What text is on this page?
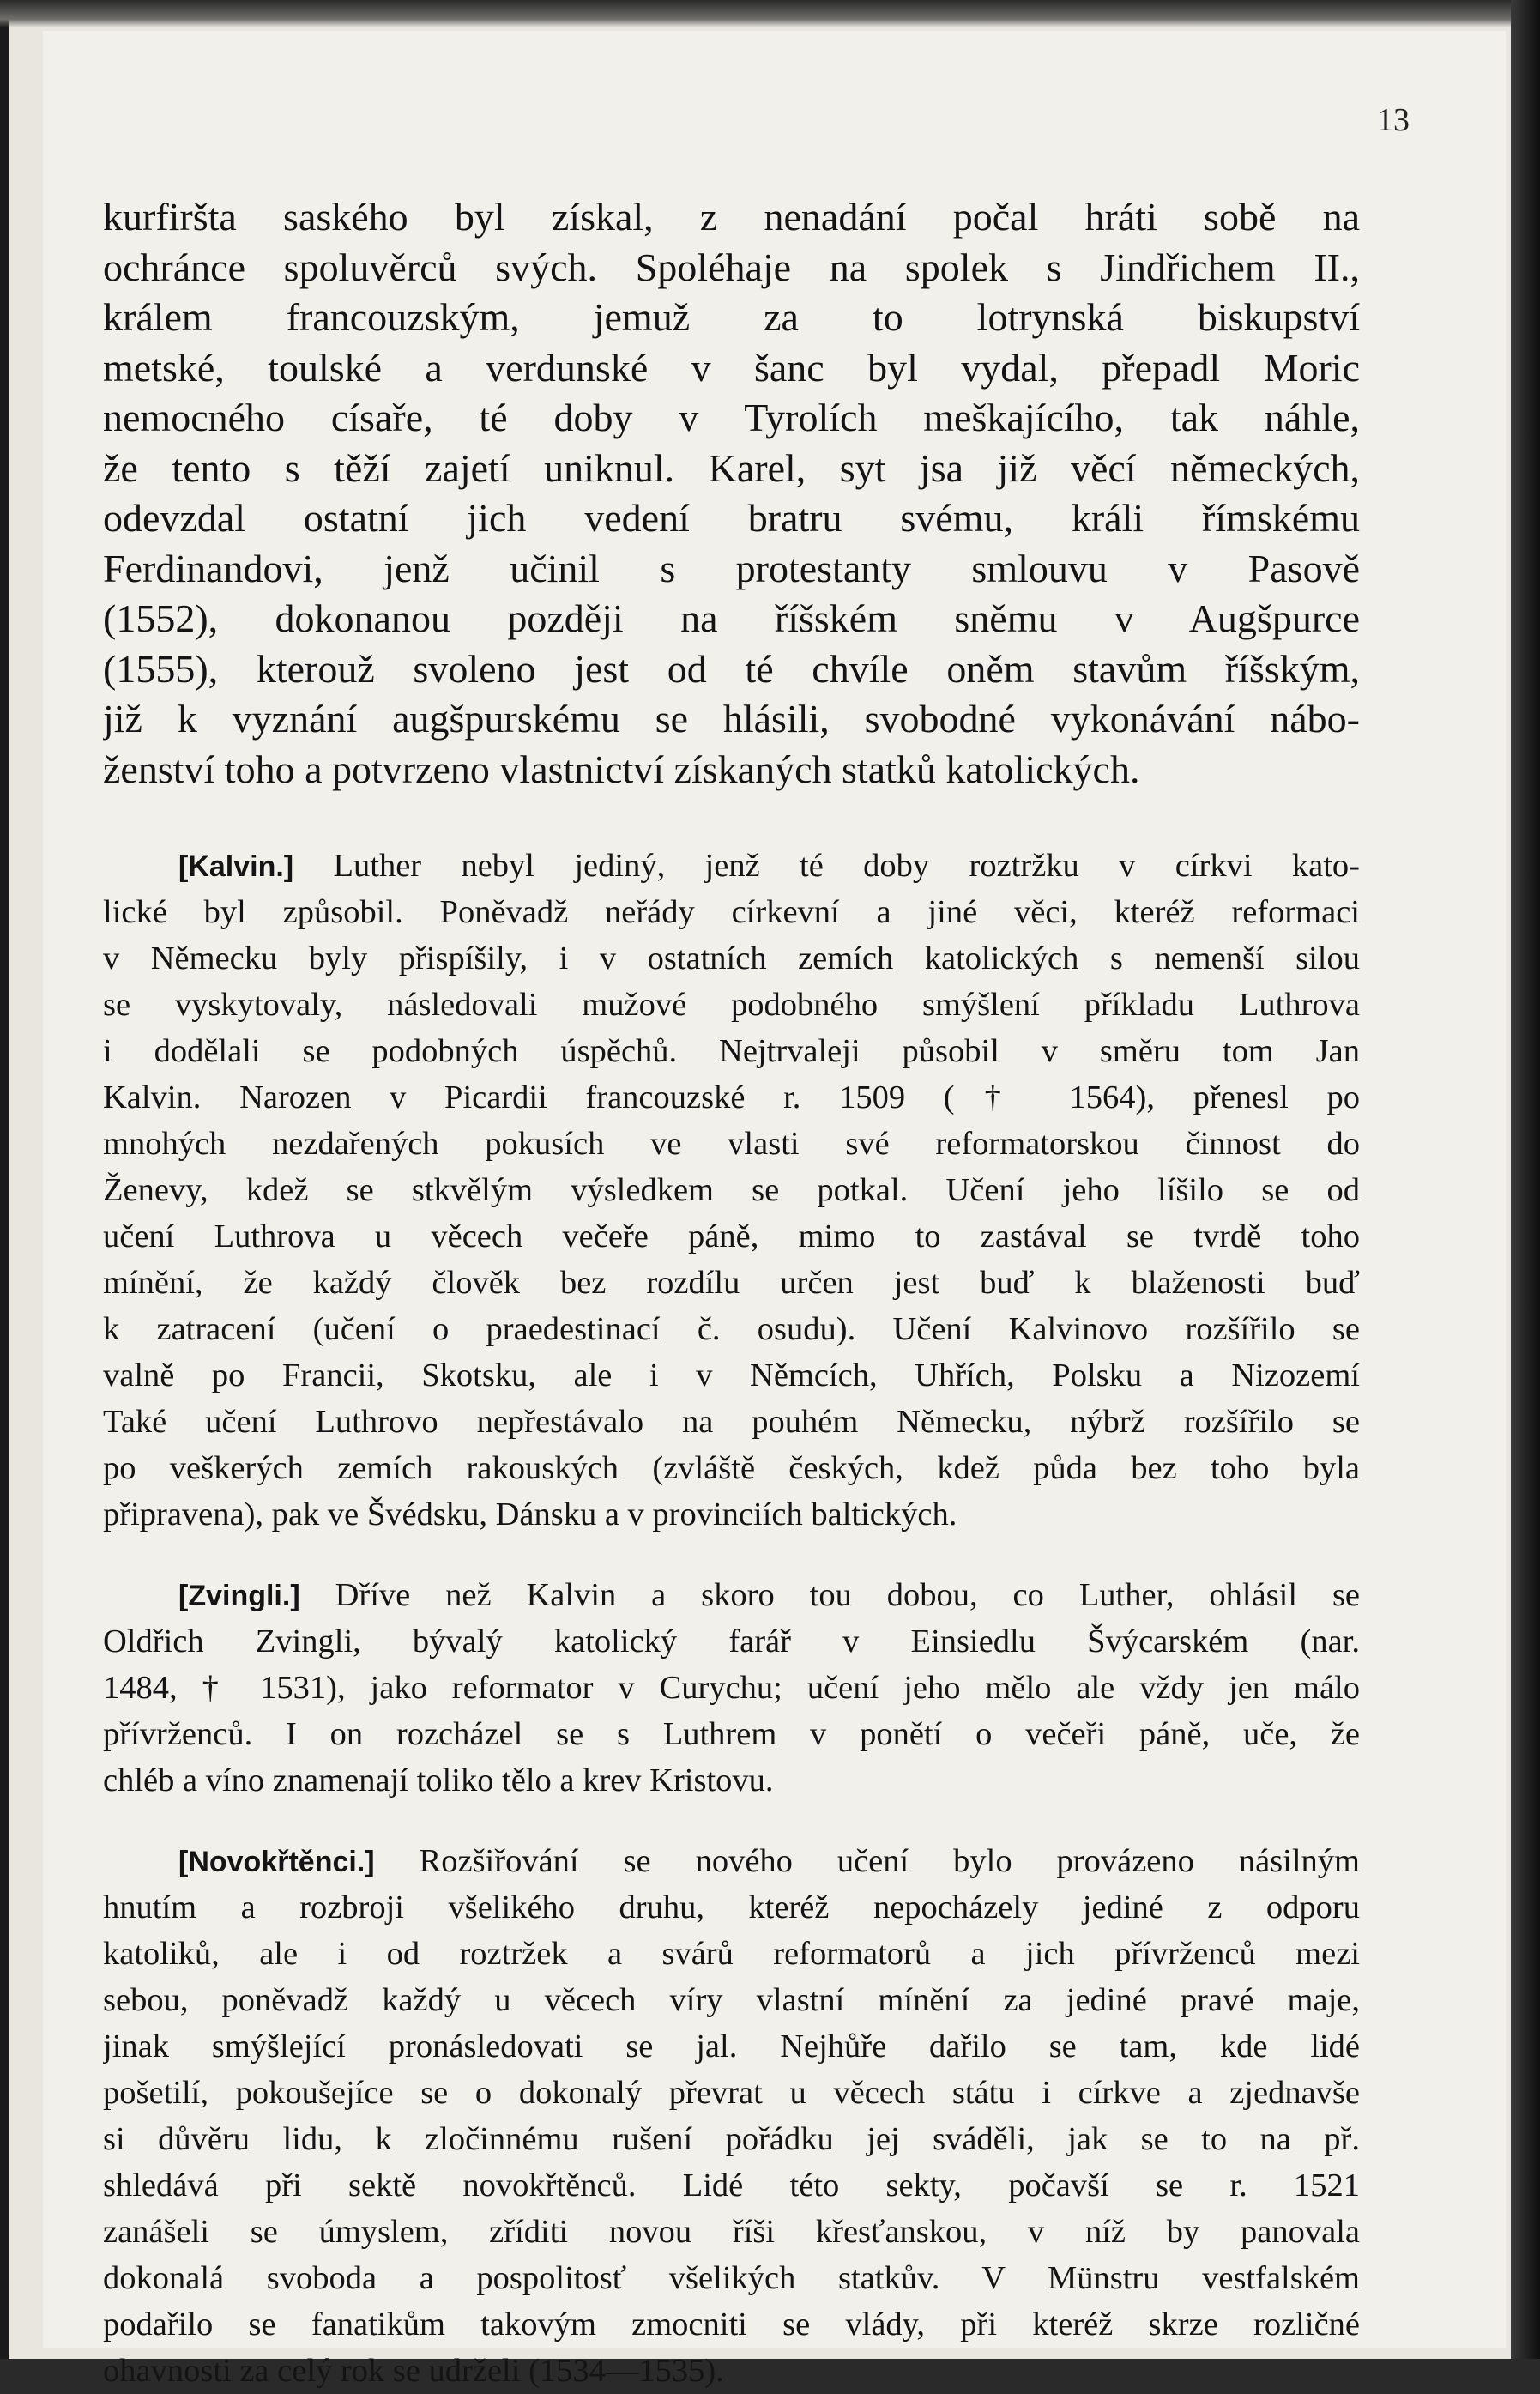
13
kurfiršta saského byl získal, z nenadání počal hráti sobě na
ochránce spoluvěrců svých. Spoléhaje na spolek s Jindřichem II.,
králem francouzským, jemuž za to lotrynská biskupství
metské, toulské a verdunské v šanc byl vydal, přepadl Moric
nemocného císaře, té doby v Tyrolích meškajícího, tak náhle,
že tento s těží zajetí uniknul. Karel, syt jsa již věcí německých,
odevzdal ostatní jich vedení bratru svému, králi římskému
Ferdinandovi, jenž učinil s protestanty smlouvu v Pasově
(1552), dokonanou později na říšském sněmu v Augšpurce
(1555), kterouž svoleno jest od té chvíle oněm stavům říšským,
již k vyznání augšpurskému se hlásili, svobodné vykonávání nábo-
ženství toho a potvrzeno vlastnictví získaných statků katolických.
[Kalvin.] Luther nebyl jediný, jenž té doby roztržku v církvi kato-
lické byl způsobil. Poněvadž neřády církevní a jiné věci, kteréž reformaci
v Německu byly přispíšily, i v ostatních zemích katolických s nemenší silou
se vyskytovaly, následovali mužové podobného smýšlení příkladu Luthrova
i dodělali se podobných úspěchů. Nejtrvaleji působil v směru tom Jan
Kalvin. Narozen v Picardii francouzské r. 1509 († 1564), přenesl po
mnohých nezdařených pokusích ve vlasti své reformatorskou činnost do
Ženevy, kdež se stkvělým výsledkem se potkal. Učení jeho líšilo se od
učení Luthrova u věcech večeře páně, mimo to zastával se tvrdě toho
mínění, že každý člověk bez rozdílu určen jest buď k blaženosti buď
k zatracení (učení o praedestinací č. osudu). Učení Kalvinovo rozšířilo se
valně po Francii, Skotsku, ale i v Němcích, Uhřích, Polsku a Nizozemí
Také učení Luthrovo nepřestávalo na pouhém Německu, nýbrž rozšířilo se
po veškerých zemích rakouských (zvláště českých, kdež půda bez toho byla
připravena), pak ve Švédsku, Dánsku a v provinciích baltických.
[Zvingli.] Dříve než Kalvin a skoro tou dobou, co Luther, ohlásil se
Oldřich Zvingli, bývalý katolický farář v Einsiedlu Švýcarském (nar.
1484, † 1531), jako reformator v Curychu; učení jeho mělo ale vždy jen málo
přívrženců. I on rozcházel se s Luthrem v ponětí o večeři páně, uče, že
chléb a víno znamenají toliko tělo a krev Kristovu.
[Novokřtěnci.] Rozšiřování se nového učení bylo provázeno násilným
hnutím a rozbroji všelikého druhu, kteréž nepocházely jediné z odporu
katoliků, ale i od roztržek a svárů reformatorů a jich přívrženců mezi
sebou, poněvadž každý u věcech víry vlastní mínění za jediné pravé maje,
jinak smýšlející pronásledovati se jal. Nejhůře dařilo se tam, kde lidé
pošetilí, pokoušejíce se o dokonalý převrat u věcech státu i církve a zjednavše
si důvěru lidu, k zločinnému rušení pořádku jej sváděli, jak se to na př.
shledává při sektě novokřtěnců. Lidé této sekty, počavší se r. 1521
zanášeli se úmyslem, zříditi novou říši křesťanskou, v níž by panovala
dokonalá svoboda a pospolitosť všelikých statkův. V Münstru vestfalském
podařilo se fanatikům takovým zmocniti se vlády, při kteréž skrze rozličné
ohavnosti za celý rok se udrželi (1534—1535).
